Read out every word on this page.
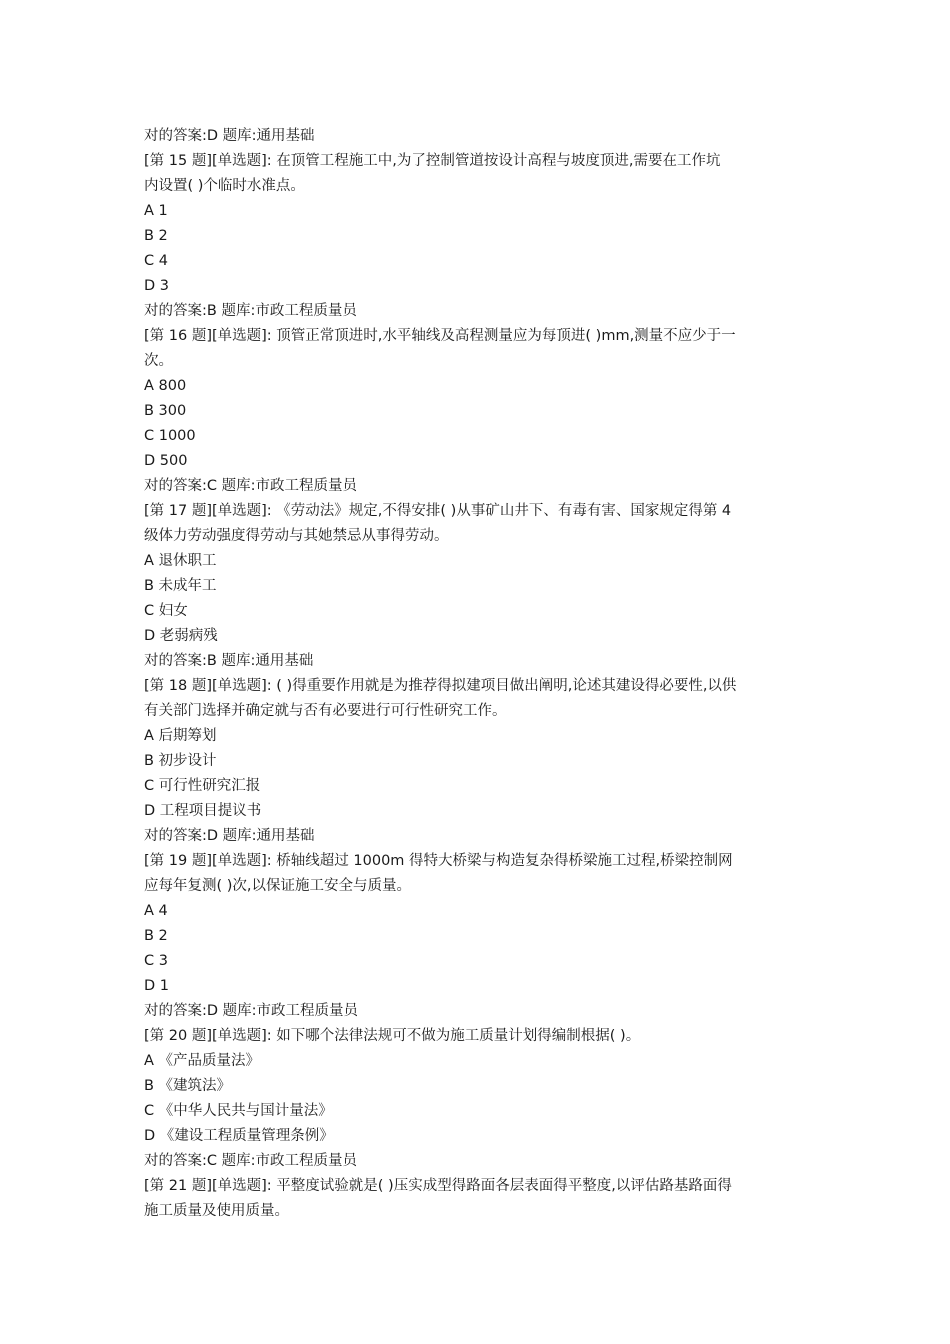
对的答案:D 题库:通用基础
[第 15 题][单选题]: 在顶管工程施工中,为了控制管道按设计高程与坡度顶进,需要在工作坑
内设置( )个临时水准点。
A 1
B 2
C 4
D 3
对的答案:B 题库:市政工程质量员
[第 16 题][单选题]: 顶管正常顶进时,水平轴线及高程测量应为每顶进( )mm,测量不应少于一
次。
A 800
B 300
C 1000
D 500
对的答案:C 题库:市政工程质量员
[第 17 题][单选题]: 《劳动法》规定,不得安排( )从事矿山井下、有毒有害、国家规定得第 4
级体力劳动强度得劳动与其她禁忌从事得劳动。
A 退休职工
B 未成年工
C 妇女
D 老弱病残
对的答案:B 题库:通用基础
[第 18 题][单选题]: ( )得重要作用就是为推荐得拟建项目做出阐明,论述其建设得必要性,以供
有关部门选择并确定就与否有必要进行可行性研究工作。
A 后期筹划
B 初步设计
C 可行性研究汇报
D 工程项目提议书
对的答案:D 题库:通用基础
[第 19 题][单选题]: 桥轴线超过 1000m 得特大桥梁与构造复杂得桥梁施工过程,桥梁控制网
应每年复测( )次,以保证施工安全与质量。
A 4
B 2
C 3
D 1
对的答案:D 题库:市政工程质量员
[第 20 题][单选题]: 如下哪个法律法规可不做为施工质量计划得编制根据( )。
A 《产品质量法》
B 《建筑法》
C 《中华人民共与国计量法》
D 《建设工程质量管理条例》
对的答案:C 题库:市政工程质量员
[第 21 题][单选题]: 平整度试验就是( )压实成型得路面各层表面得平整度,以评估路基路面得
施工质量及使用质量。
